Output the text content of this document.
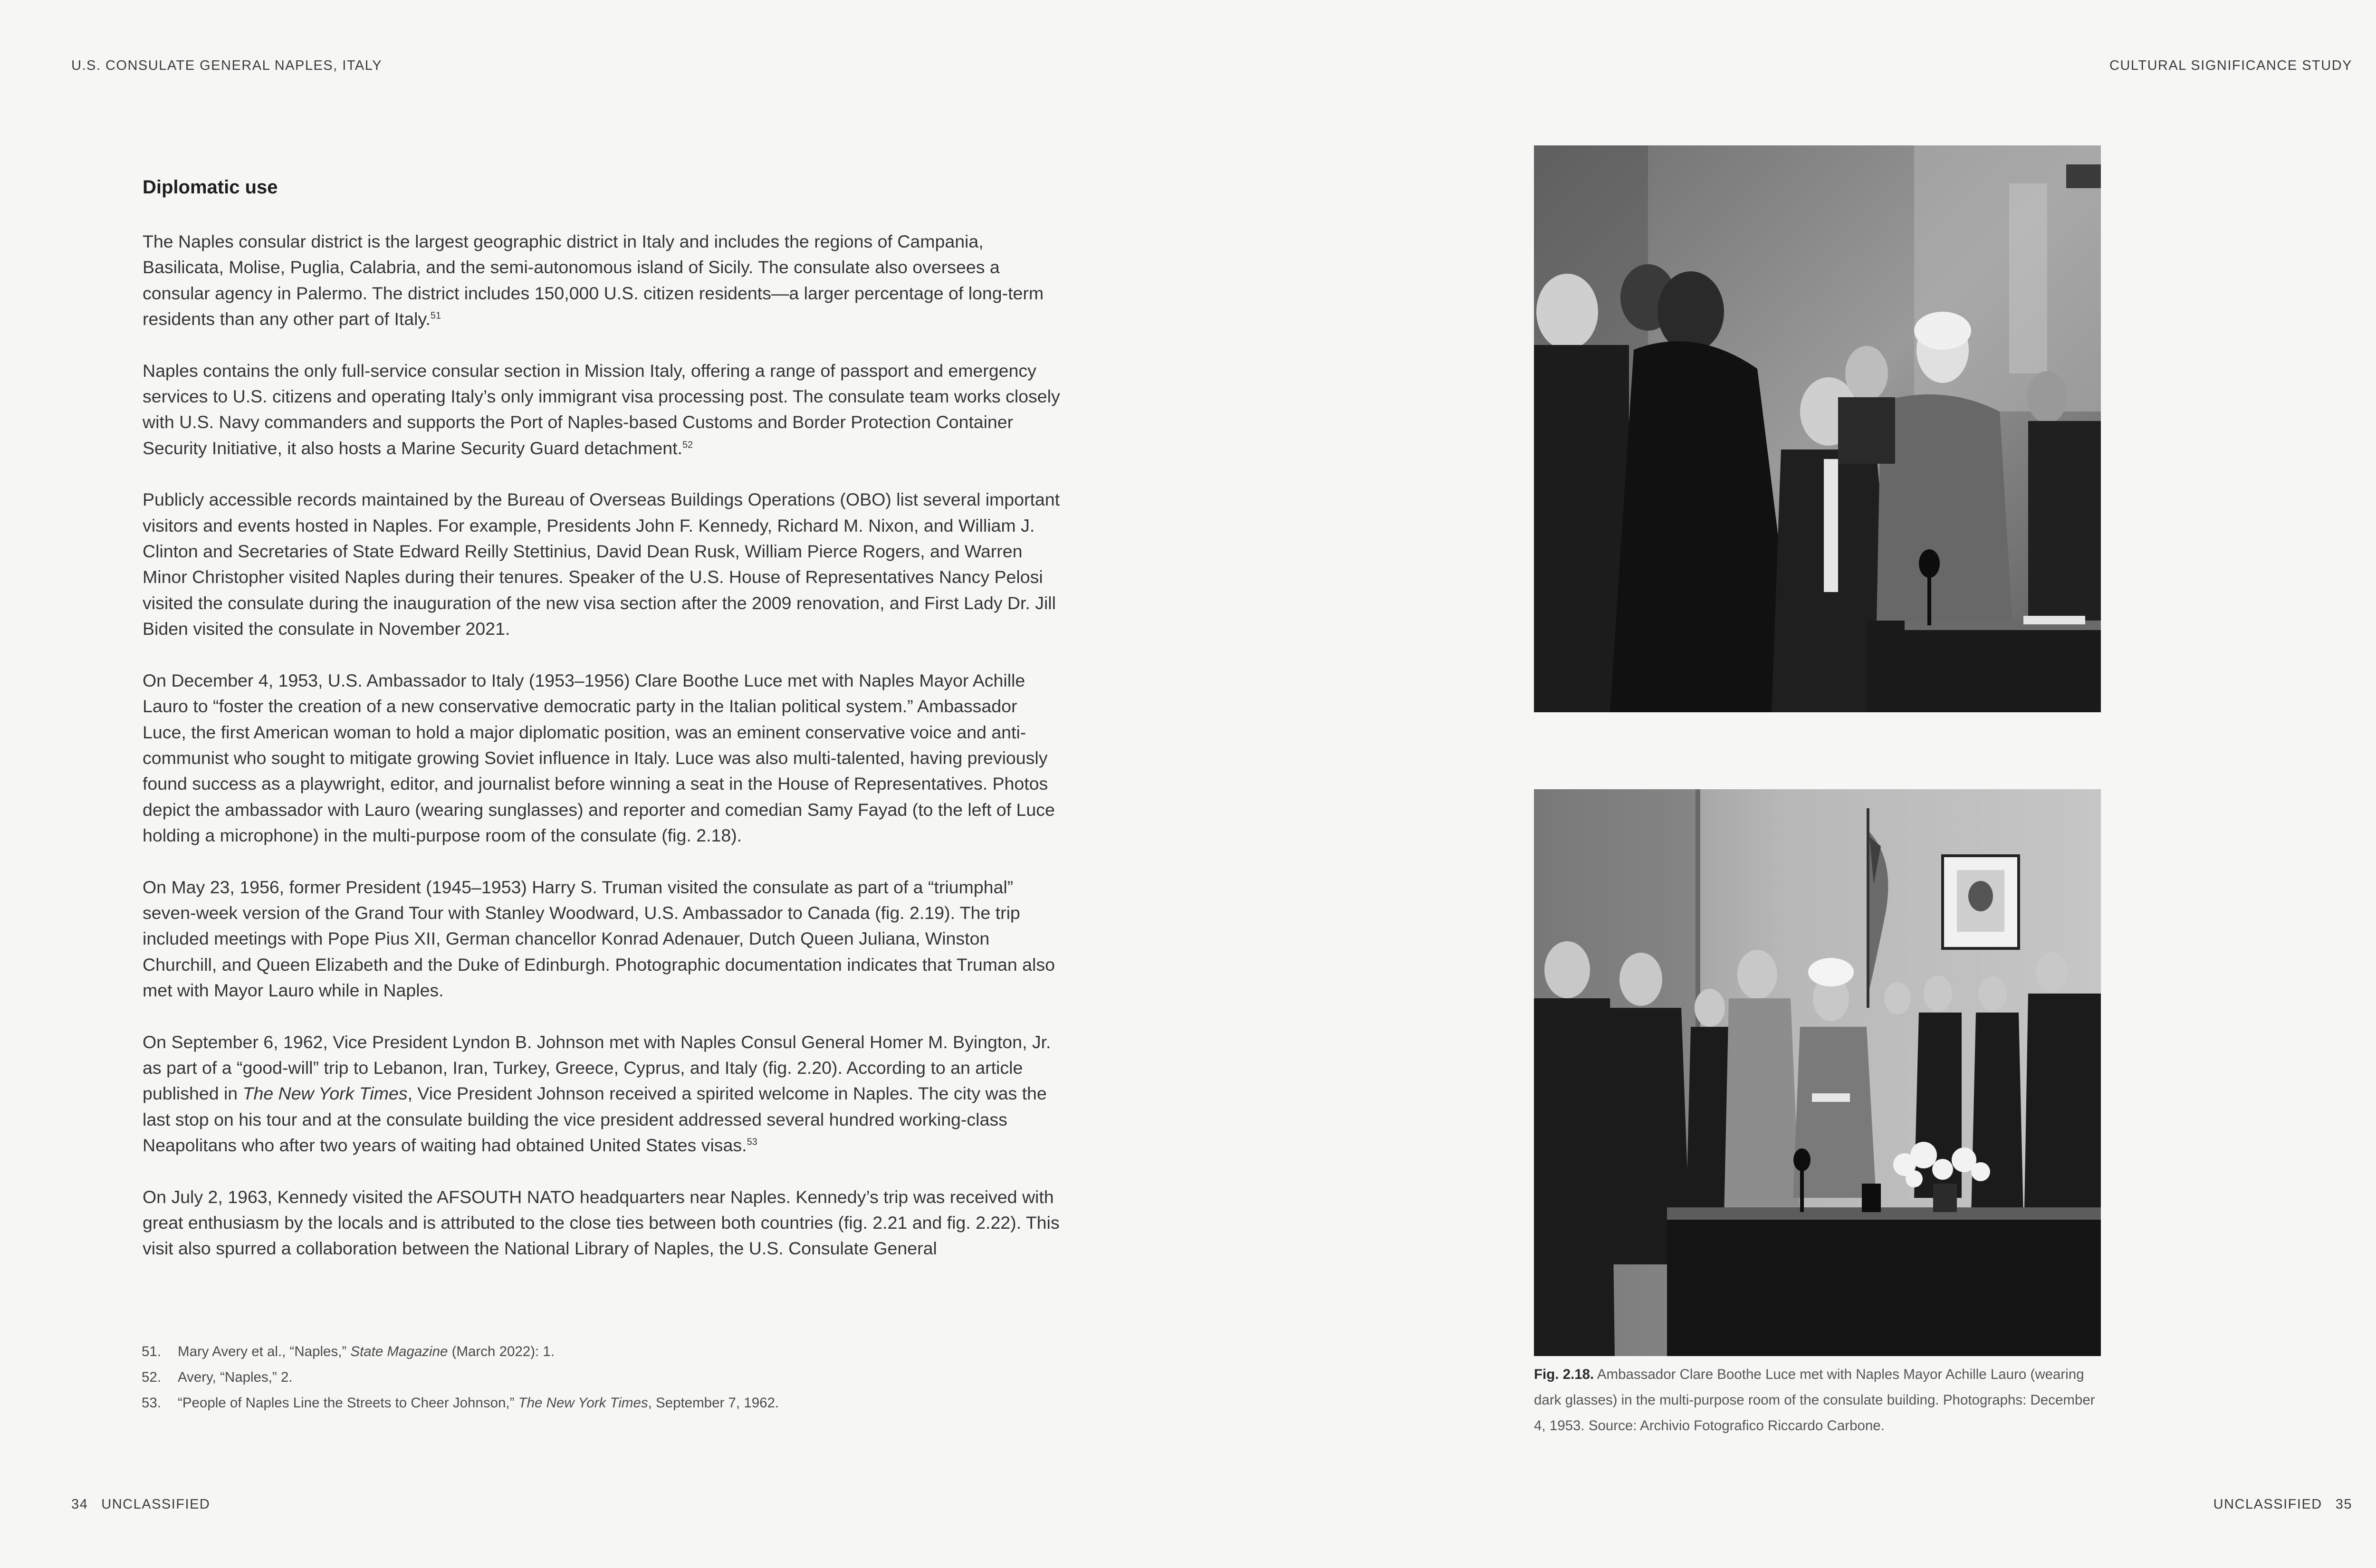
U.S. CONSULATE GENERAL NAPLES, ITALY	CULTURAL SIGNIFICANCE STUDY
Diplomatic use

The Naples consular district is the largest geographic district in Italy and includes the regions of Campania, Basilicata, Molise, Puglia, Calabria, and the semi-autonomous island of Sicily. The consulate also oversees a consular agency in Palermo. The district includes 150,000 U.S. citizen residents—a larger percentage of long-term residents than any other part of Italy.$^{51}$

Naples contains the only full-service consular section in Mission Italy, offering a range of passport and emergency services to U.S. citizens and operating Italy’s only immigrant visa processing post. The consulate team works closely with U.S. Navy commanders and supports the Port of Naples-based Customs and Border Protection Container Security Initiative, it also hosts a Marine Security Guard detachment.$^{52}$

Publicly accessible records maintained by the Bureau of Overseas Buildings Operations (OBO) list several important visitors and events hosted in Naples. For example, Presidents John F. Kennedy, Richard M. Nixon, and William J. Clinton and Secretaries of State Edward Reilly Stettinius, David Dean Rusk, William Pierce Rogers, and Warren Minor Christopher visited Naples during their tenures. Speaker of the U.S. House of Representatives Nancy Pelosi visited the consulate during the inauguration of the new visa section after the 2009 renovation, and First Lady Dr. Jill Biden visited the consulate in November 2021.

On December 4, 1953, U.S. Ambassador to Italy (1953–1956) Clare Boothe Luce met with Naples Mayor Achille Lauro to “foster the creation of a new conservative democratic party in the Italian political system.” Ambassador Luce, the first American woman to hold a major diplomatic position, was an eminent conservative voice and anti-communist who sought to mitigate growing Soviet influence in Italy. Luce was also multi-talented, having previously found success as a playwright, editor, and journalist before winning a seat in the House of Representatives. Photos depict the ambassador with Lauro (wearing sunglasses) and reporter and comedian Samy Fayad (to the left of Luce holding a microphone) in the multi-purpose room of the consulate (fig. 2.18).

On May 23, 1956, former President (1945–1953) Harry S. Truman visited the consulate as part of a “triumphal” seven-week version of the Grand Tour with Stanley Woodward, U.S. Ambassador to Canada (fig. 2.19). The trip included meetings with Pope Pius XII, German chancellor Konrad Adenauer, Dutch Queen Juliana, Winston Churchill, and Queen Elizabeth and the Duke of Edinburgh. Photographic documentation indicates that Truman also met with Mayor Lauro while in Naples.

On September 6, 1962, Vice President Lyndon B. Johnson met with Naples Consul General Homer M. Byington, Jr. as part of a “good-will” trip to Lebanon, Iran, Turkey, Greece, Cyprus, and Italy (fig. 2.20). According to an article published in The New York Times, Vice President Johnson received a spirited welcome in Naples. The city was the last stop on his tour and at the consulate building the vice president addressed several hundred working-class Neapolitans who after two years of waiting had obtained United States visas.$^{53}$

On July 2, 1963, Kennedy visited the AFSOUTH NATO headquarters near Naples. Kennedy’s trip was received with great enthusiasm by the locals and is attributed to the close ties between both countries (fig. 2.21 and fig. 2.22). This visit also spurred a collaboration between the National Library of Naples, the U.S. Consulate General

51.	Mary Avery et al., “Naples,” State Magazine (March 2022): 1.
52.	Avery, “Naples,” 2.
53.	“People of Naples Line the Streets to Cheer Johnson,” The New York Times, September 7, 1962.
Fig. 2.18. Ambassador Clare Boothe Luce met with Naples Mayor Achille Lauro (wearing dark glasses) in the multi-purpose room of the consulate building. Photographs: December 4, 1953. Source: Archivio Fotografico Riccardo Carbone.
34 UNCLASSIFIED	UNCLASSIFIED 35
